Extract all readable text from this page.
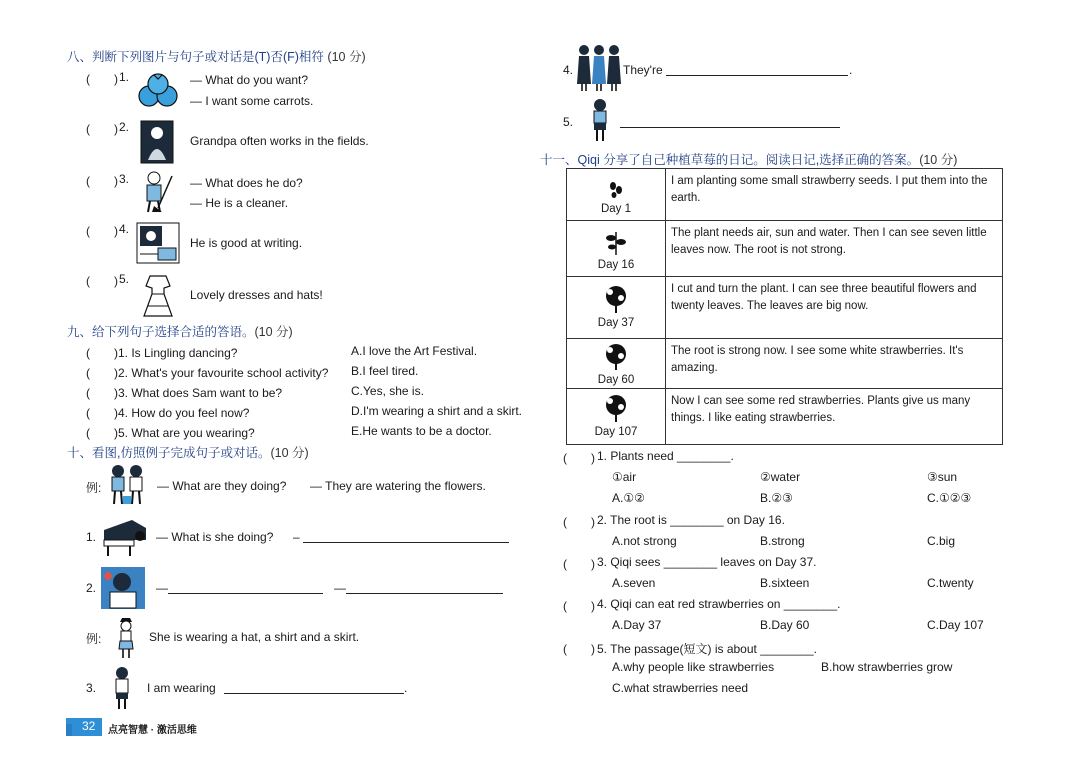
八、判断下列图片与句子或对话是(T)否(F)相符 (10 分)
(　　) 1.	— What do you want?
— I want some carrots.
(　　) 2.
Grandpa often works in the fields.
(　　) 3.	— What does he do?
— He is a cleaner.
(　　) 4.
He is good at writing.
(　　) 5.
Lovely dresses and hats!
九、给下列句子选择合适的答语。(10 分)
(　　)1. Is Lingling dancing?
(　　)2. What's your favourite school activity?
(　　)3. What does Sam want to be?
(　　)4. How do you feel now?
(　　)5. What are you wearing?
A.I love the Art Festival.
B.I feel tired.
C.Yes, she is.
D.I'm wearing a shirt and a skirt.
E.He wants to be a doctor.
十、看图,仿照例子完成句子或对话。(10 分)
例:	— What are they doing? — They are watering the flowers.
1.	— What is she doing? –
2.	—	—
例:	She is wearing a hat, a shirt and a skirt.
3.	I am wearing	.
32 点亮智慧 · 激活思维
4.	They're	.
5.
十一、Qiqi 分享了自己种植草莓的日记。阅读日记,选择正确的答案。(10 分)

Day 1	I am planting some small strawberry seeds. I put them into the earth.

Day 16	The plant needs air, sun and water. Then I can see seven little leaves now. The root is not strong.

Day 37	I cut and turn the plant. I can see three beautiful flowers and twenty leaves. The leaves are big now.

Day 60	The root is strong now. I see some white strawberries. It's amazing.

Day 107	Now I can see some red strawberries. Plants give us many things. I like eating strawberries.
(　　) 1. Plants need ________.
①air	②water	③sun
A.①②	B.②③	C.①②③
(　　) 2. The root is ________ on Day 16.
A.not strong	B.strong	C.big
(　　) 3. Qiqi sees ________ leaves on Day 37.
A.seven	B.sixteen	C.twenty
(　　) 4. Qiqi can eat red strawberries on ________.
A.Day 37	B.Day 60	C.Day 107
(　　) 5. The passage(短文) is about ________.
A.why people like strawberries	B.how strawberries grow
C.what strawberries need
